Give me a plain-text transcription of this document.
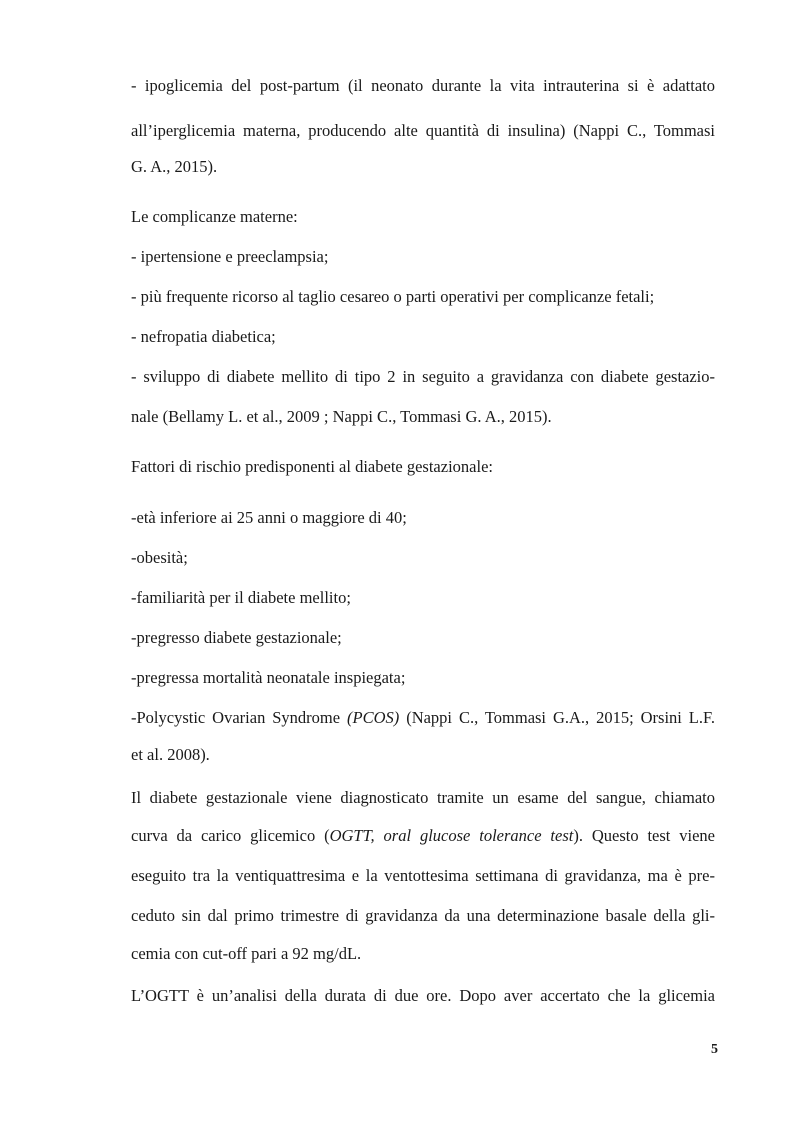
- ipoglicemia del post-partum (il neonato durante la vita intrauterina si è adattato
all’iperglicemia materna, producendo alte quantità di insulina) (Nappi C., Tommasi
G. A., 2015).
Le complicanze materne:
- ipertensione e preeclampsia;
- più frequente ricorso al taglio cesareo o parti operativi per complicanze fetali;
- nefropatia diabetica;
- sviluppo di diabete mellito di tipo 2 in seguito a gravidanza con diabete gestazio-
nale (Bellamy L. et al., 2009 ; Nappi C., Tommasi G. A., 2015).
Fattori di rischio predisponenti al diabete gestazionale:
-età inferiore ai 25 anni o maggiore di 40;
-obesità;
-familiarità per il diabete mellito;
-pregresso diabete gestazionale;
-pregressa mortalità neonatale inspiegata;
-Polycystic Ovarian Syndrome (PCOS) (Nappi C., Tommasi G.A., 2015; Orsini L.F.
et al. 2008).
Il diabete gestazionale viene diagnosticato tramite un esame del sangue, chiamato
curva da carico glicemico (OGTT, oral glucose tolerance test). Questo test viene
eseguito tra la ventiquattresima e la ventottesima settimana di gravidanza, ma è pre-
ceduto sin dal primo trimestre di gravidanza da una determinazione basale della gli-
cemia con cut-off pari a 92 mg/dL.
L’OGTT è un’analisi della durata di due ore. Dopo aver accertato che la glicemia
5
